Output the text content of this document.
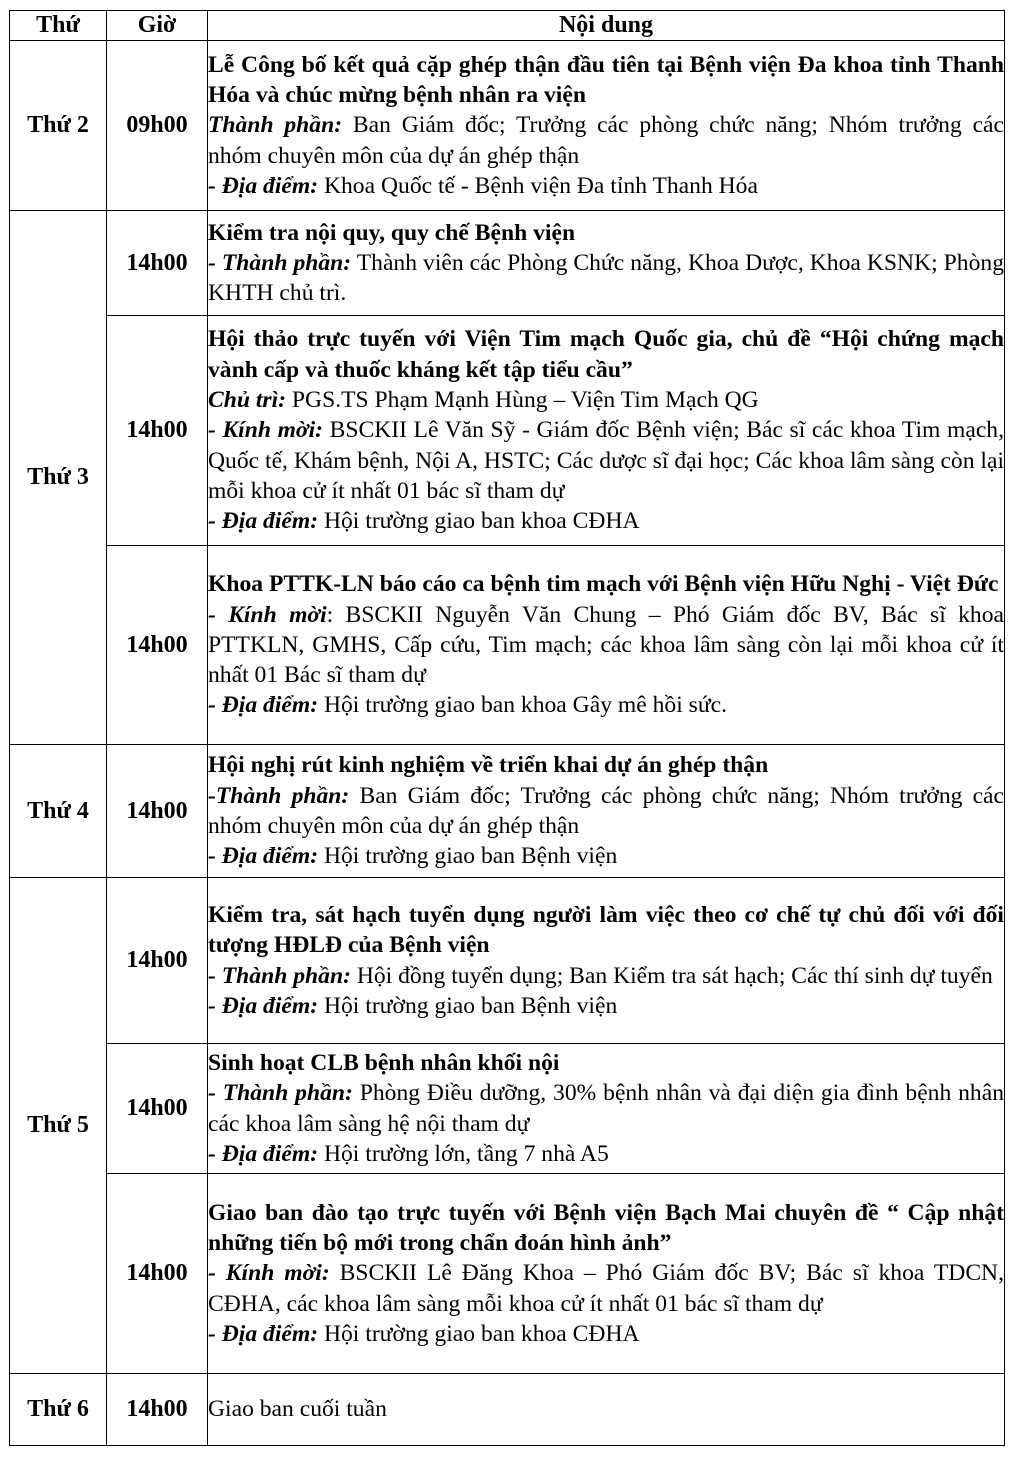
Thứ	Giờ	Nội dung
Thứ 2	09h00	Lễ Công bố kết quả cặp ghép thận đầu tiên tại Bệnh viện Đa khoa tỉnh Thanh Hóa và chúc mừng bệnh nhân ra viện
Thành phần: Ban Giám đốc; Trưởng các phòng chức năng; Nhóm trưởng các nhóm chuyên môn của dự án ghép thận
- Địa điểm: Khoa Quốc tế - Bệnh viện Đa tỉnh Thanh Hóa

Thứ 3	14h00	Kiểm tra nội quy, quy chế Bệnh viện
- Thành phần: Thành viên các Phòng Chức năng, Khoa Dược, Khoa KSNK; Phòng KHTH chủ trì.

	14h00	Hội thảo trực tuyến với Viện Tim mạch Quốc gia, chủ đề “Hội chứng mạch vành cấp và thuốc kháng kết tập tiểu cầu”
Chủ trì: PGS.TS Phạm Mạnh Hùng – Viện Tim Mạch QG
- Kính mời: BSCKII Lê Văn Sỹ - Giám đốc Bệnh viện; Bác sĩ các khoa Tim mạch, Quốc tế, Khám bệnh, Nội A, HSTC; Các dược sĩ đại học; Các khoa lâm sàng còn lại mỗi khoa cử ít nhất 01 bác sĩ tham dự
- Địa điểm: Hội trường giao ban khoa CĐHA

	14h00	Khoa PTTK-LN báo cáo ca bệnh tim mạch với Bệnh viện Hữu Nghị - Việt Đức
- Kính mời: BSCKII Nguyễn Văn Chung – Phó Giám đốc BV, Bác sĩ khoa PTTKLN, GMHS, Cấp cứu, Tim mạch; các khoa lâm sàng còn lại mỗi khoa cử ít nhất 01 Bác sĩ tham dự
- Địa điểm: Hội trường giao ban khoa Gây mê hồi sức.

Thứ 4	14h00	Hội nghị rút kinh nghiệm về triển khai dự án ghép thận
-Thành phần: Ban Giám đốc; Trưởng các phòng chức năng; Nhóm trưởng các nhóm chuyên môn của dự án ghép thận
- Địa điểm: Hội trường giao ban Bệnh viện

Thứ 5	14h00	Kiểm tra, sát hạch tuyển dụng người làm việc theo cơ chế tự chủ đối với đối tượng HĐLĐ của Bệnh viện
- Thành phần: Hội đồng tuyển dụng; Ban Kiểm tra sát hạch; Các thí sinh dự tuyển
- Địa điểm: Hội trường giao ban Bệnh viện

	14h00	Sinh hoạt CLB bệnh nhân khối nội
- Thành phần: Phòng Điều dưỡng, 30% bệnh nhân và đại diện gia đình bệnh nhân các khoa lâm sàng hệ nội tham dự
- Địa điểm: Hội trường lớn, tầng 7 nhà A5

	14h00	Giao ban đào tạo trực tuyến với Bệnh viện Bạch Mai chuyên đề “ Cập nhật những tiến bộ mới trong chẩn đoán hình ảnh”
- Kính mời: BSCKII Lê Đăng Khoa – Phó Giám đốc BV; Bác sĩ khoa TDCN, CĐHA, các khoa lâm sàng mỗi khoa cử ít nhất 01 bác sĩ tham dự
- Địa điểm: Hội trường giao ban khoa CĐHA

Thứ 6	14h00	Giao ban cuối tuần
